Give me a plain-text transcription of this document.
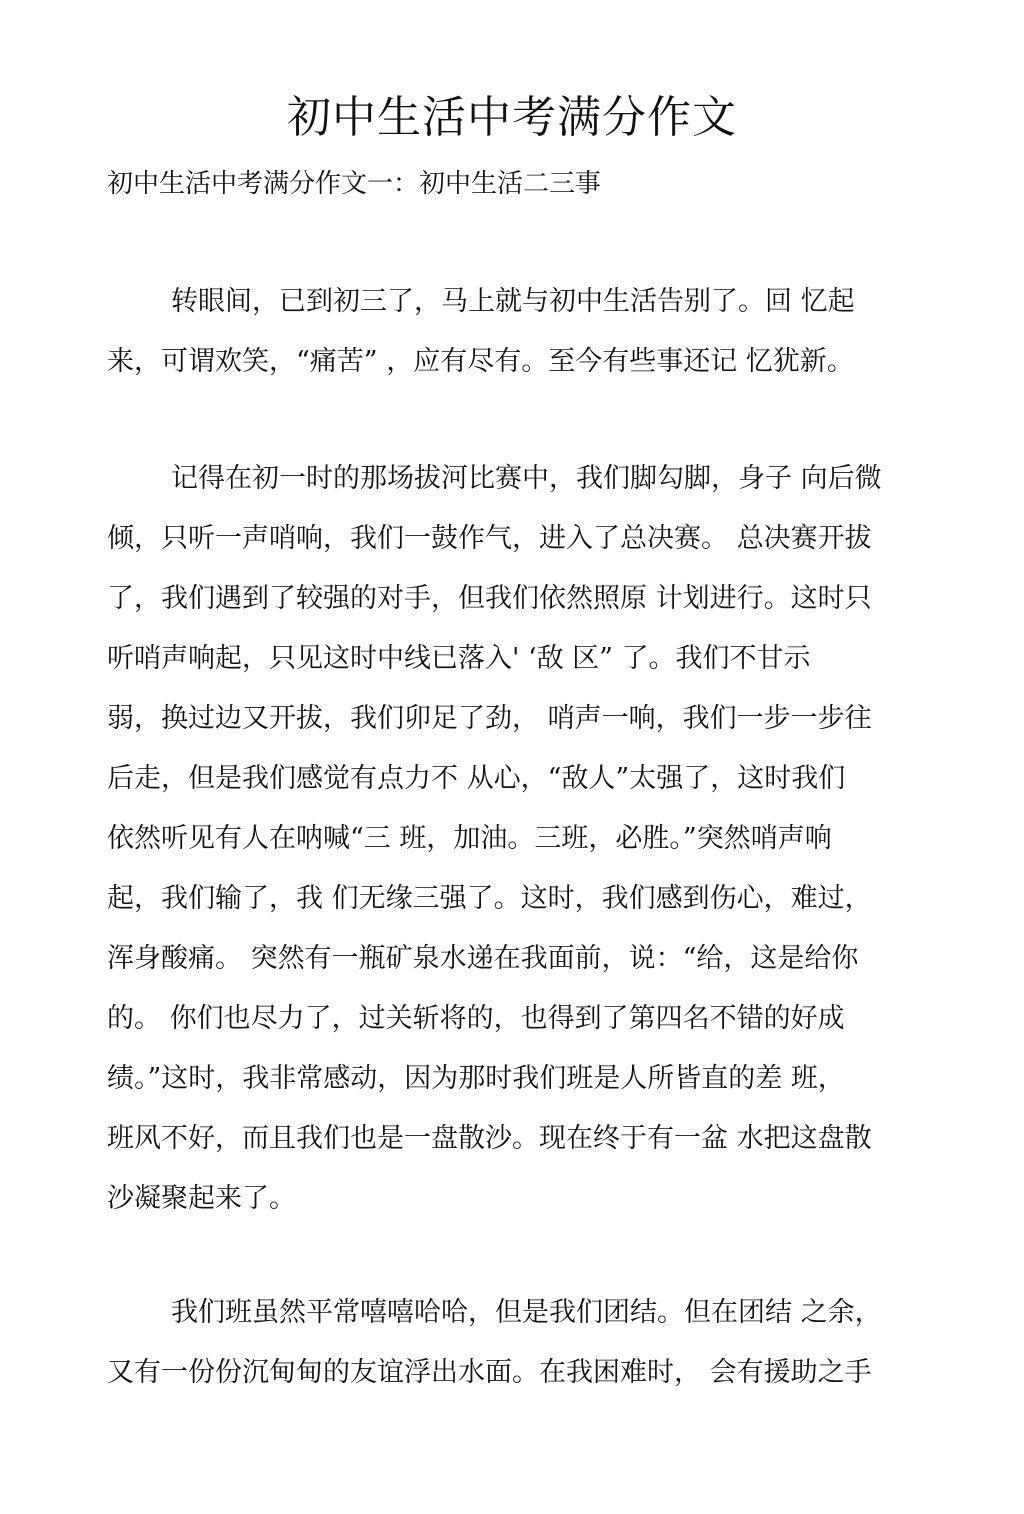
初中生活中考满分作文

初中生活中考满分作文一：初中生活二三事

转眼间，已到初三了，马上就与初中生活告别了。回 忆起
来，可谓欢笑，“痛苦” ，应有尽有。至今有些事还记 忆犹新。
记得在初一时的那场拔河比赛中，我们脚勾脚，身子 向后微
倾，只听一声哨响，我们一鼓作气，进入了总决赛。 总决赛开拔
了，我们遇到了较强的对手，但我们依然照原 计划进行。这时只
听哨声响起，只见这时中线已落入' ‘敌 区” 了。我们不甘示
弱，换过边又开拔，我们卯足了劲， 哨声一响，我们一步一步往
后走，但是我们感觉有点力不 从心，“敌人”太强了，这时我们
依然听见有人在呐喊“三 班，加油。三班，必胜。”突然哨声响
起，我们输了，我 们无缘三强了。这时，我们感到伤心，难过，
浑身酸痛。 突然有一瓶矿泉水递在我面前，说：“给，这是给你
的。 你们也尽力了，过关斩将的，也得到了第四名不错的好成
绩。”这时，我非常感动，因为那时我们班是人所皆直的差 班，
班风不好，而且我们也是一盘散沙。现在终于有一盆 水把这盘散
沙凝聚起来了。
我们班虽然平常嘻嘻哈哈，但是我们团结。但在团结 之余，
又有一份份沉甸甸的友谊浮出水面。在我困难时， 会有援助之手
